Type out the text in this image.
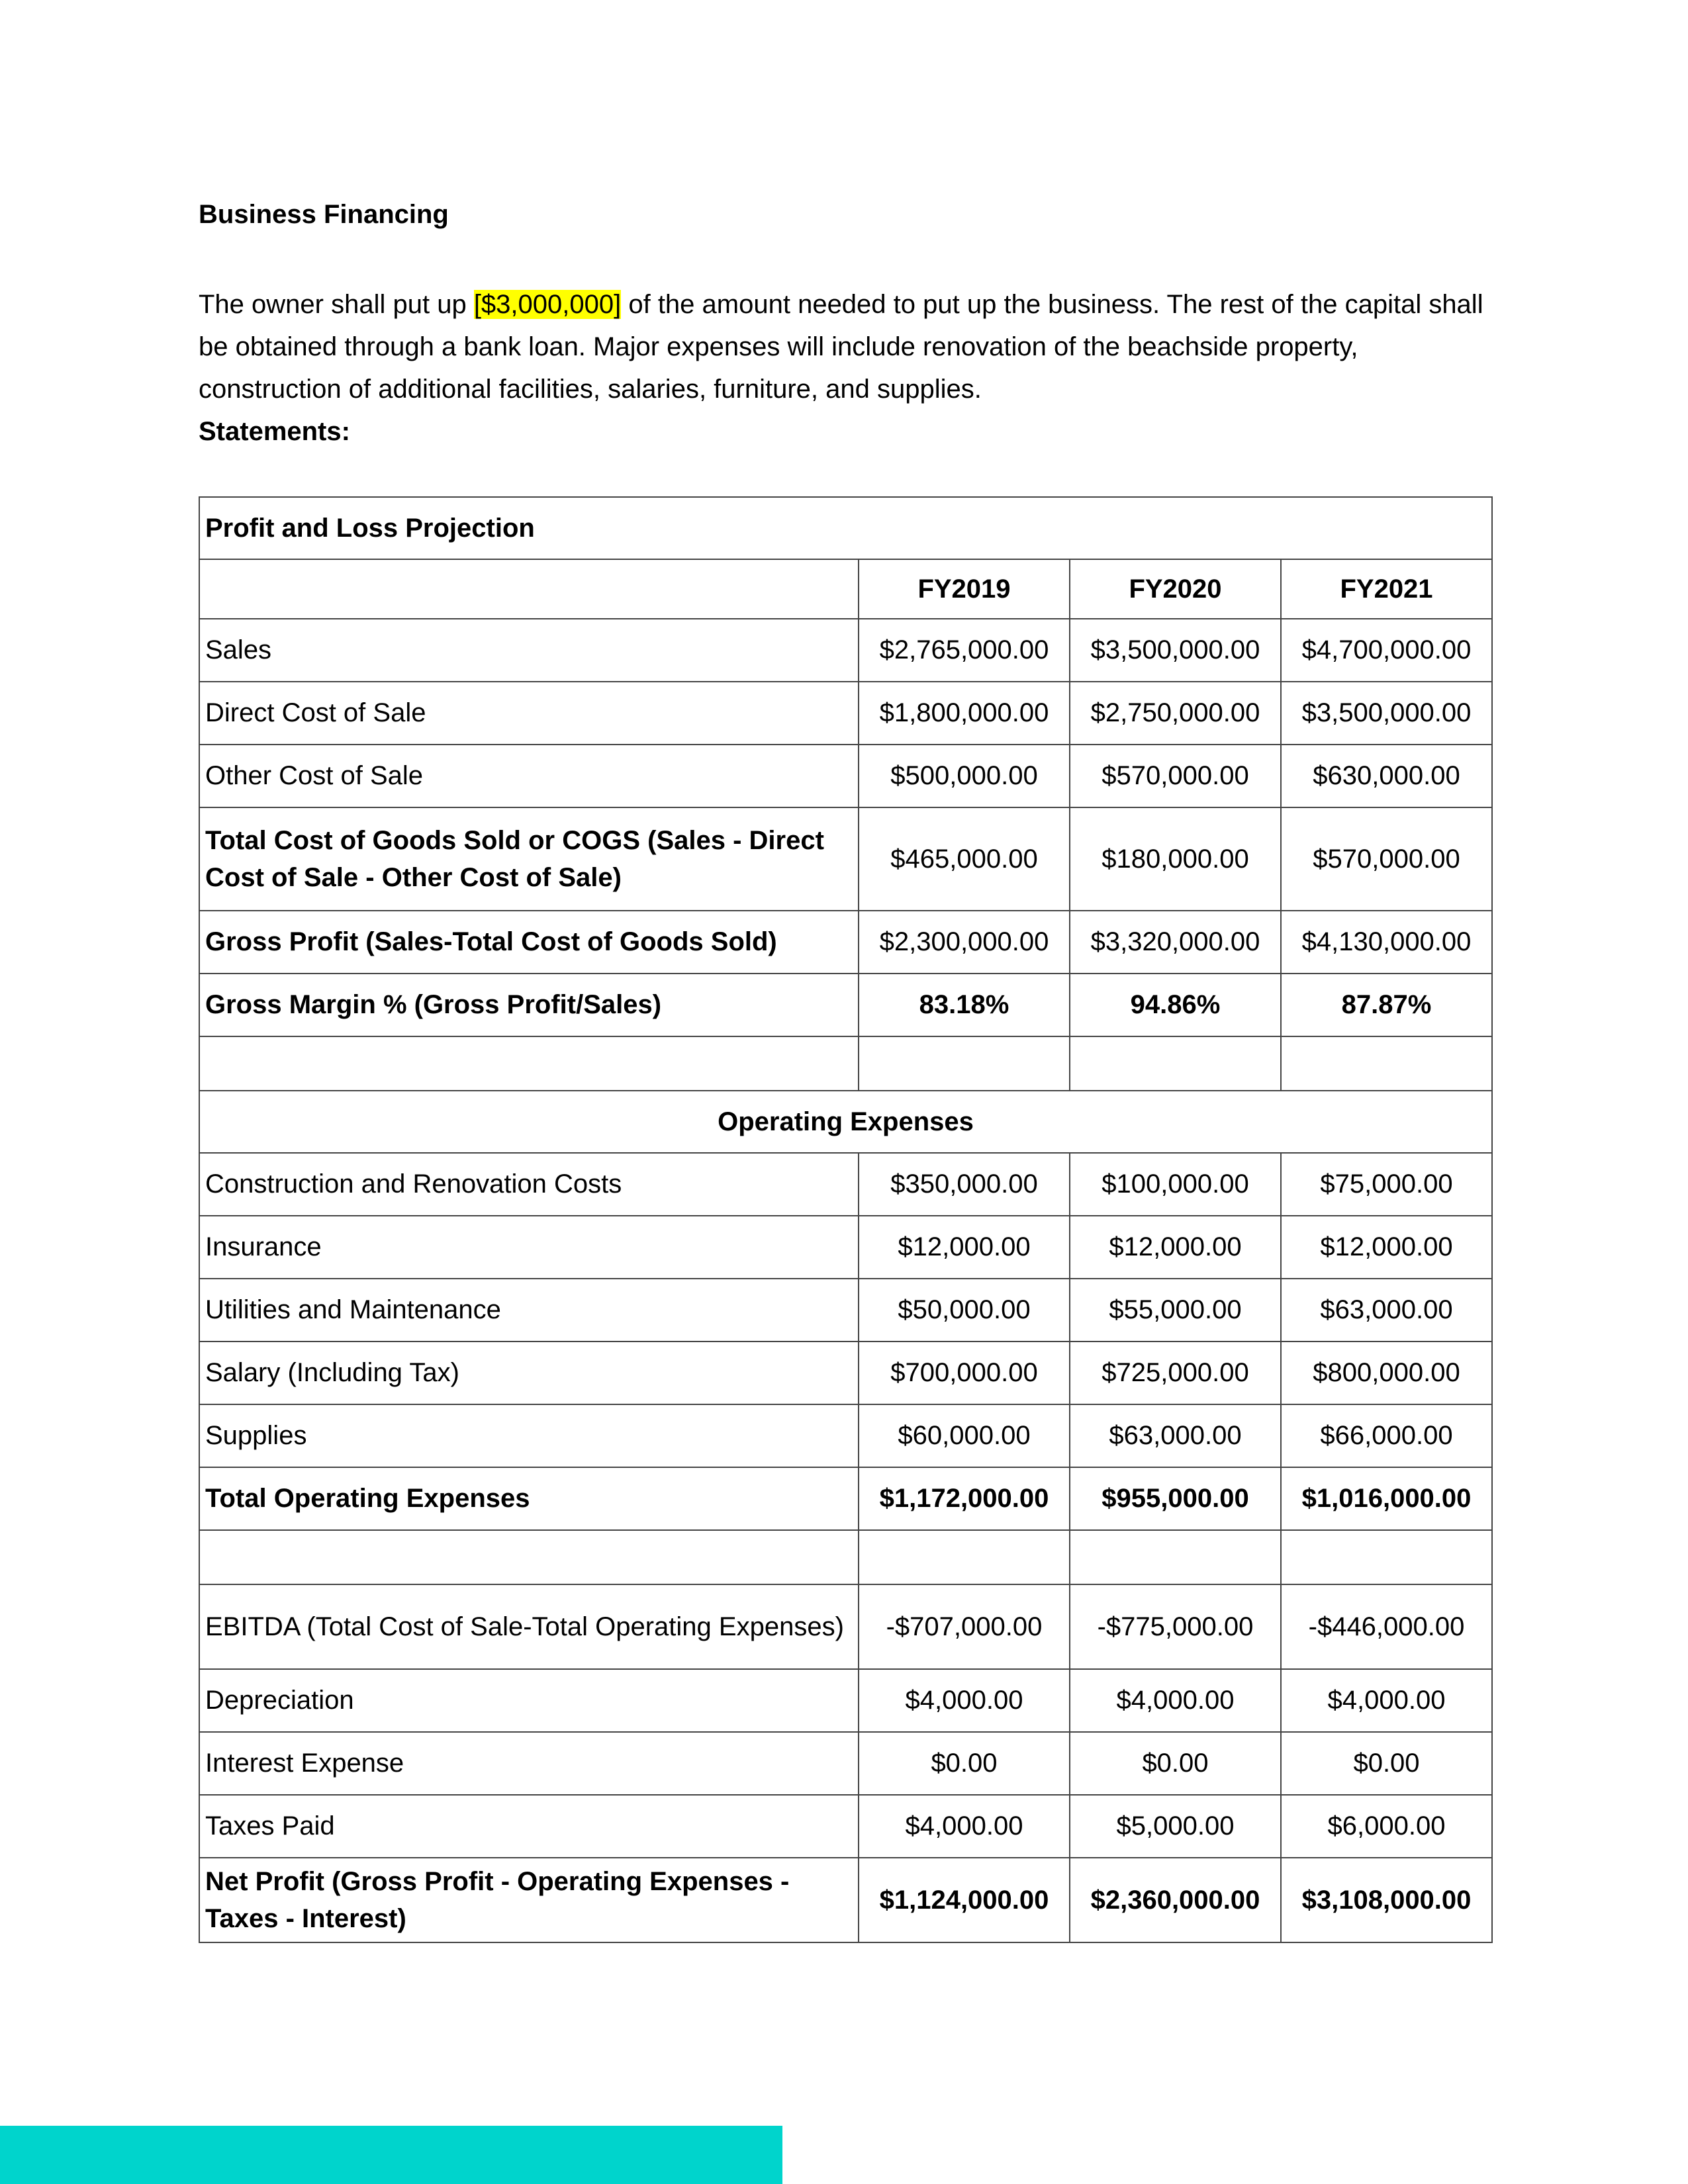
Business Financing
The owner shall put up [$3,000,000] of the amount needed to put up the business. The rest of the capital shall be obtained through a bank loan. Major expenses will include renovation of the beachside property, construction of additional facilities, salaries, furniture, and supplies.
Statements:
Profit and Loss Projection			
	FY2019	FY2020	FY2021
Sales	$2,765,000.00	$3,500,000.00	$4,700,000.00
Direct Cost of Sale	$1,800,000.00	$2,750,000.00	$3,500,000.00
Other Cost of Sale	$500,000.00	$570,000.00	$630,000.00
Total Cost of Goods Sold or COGS (Sales - Direct Cost of Sale - Other Cost of Sale)	$465,000.00	$180,000.00	$570,000.00
Gross Profit (Sales-Total Cost of Goods Sold)	$2,300,000.00	$3,320,000.00	$4,130,000.00
Gross Margin % (Gross Profit/Sales)	83.18%	94.86%	87.87%

Operating Expenses			
Construction and Renovation Costs	$350,000.00	$100,000.00	$75,000.00
Insurance	$12,000.00	$12,000.00	$12,000.00
Utilities and Maintenance	$50,000.00	$55,000.00	$63,000.00
Salary (Including Tax)	$700,000.00	$725,000.00	$800,000.00
Supplies	$60,000.00	$63,000.00	$66,000.00
Total Operating Expenses	$1,172,000.00	$955,000.00	$1,016,000.00

EBITDA (Total Cost of Sale-Total Operating Expenses)	-$707,000.00	-$775,000.00	-$446,000.00
Depreciation	$4,000.00	$4,000.00	$4,000.00
Interest Expense	$0.00	$0.00	$0.00
Taxes Paid	$4,000.00	$5,000.00	$6,000.00
Net Profit (Gross Profit - Operating Expenses - Taxes - Interest)	$1,124,000.00	$2,360,000.00	$3,108,000.00
